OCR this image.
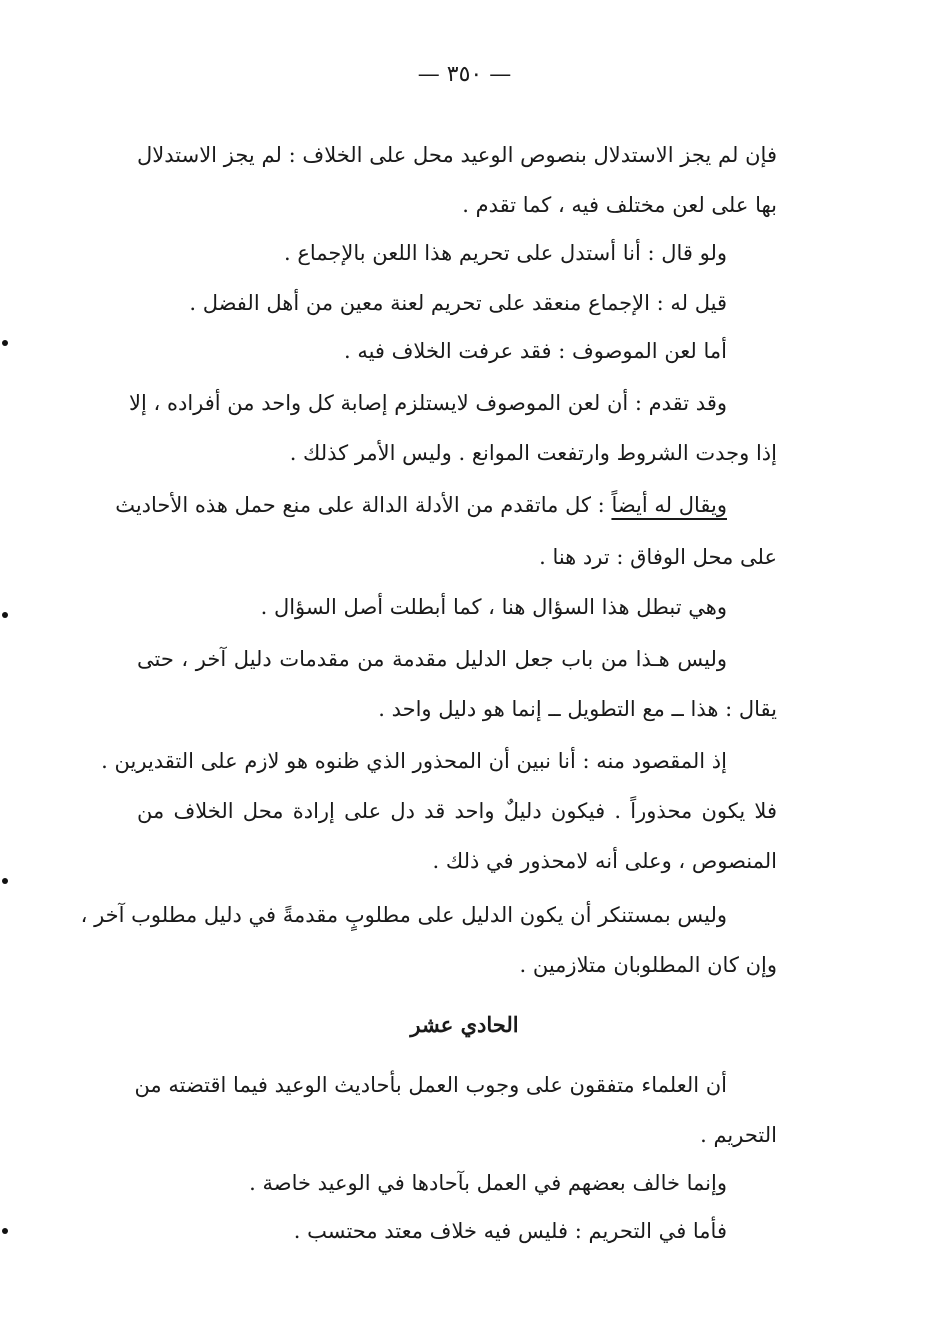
— ٣٥٠ —
فإن لم يجز الاستدلال بنصوص الوعيد محل على الخلاف : لم يجز الاستدلال
بها على لعن مختلف فيه ، كما تقدم .
ولو قال : أنا أستدل على تحريم هذا اللعن بالإجماع .
قيل له : الإجماع منعقد على تحريم لعنة معين من أهل الفضل .
أما لعن الموصوف : فقد عرفت الخلاف فيه .
وقد تقدم : أن لعن الموصوف لايستلزم إصابة كل واحد من أفراده ، إلا
إذا وجدت الشروط وارتفعت الموانع . وليس الأمر كذلك .
ويقال له أيضاً : كل ماتقدم من الأدلة الدالة على منع حمل هذه الأحاديث
على محل الوفاق : ترد هنا .
وهي تبطل هذا السؤال هنا ، كما أبطلت أصل السؤال .
وليس هـذا من باب جعل الدليل مقدمة من مقدمات دليل آخر ، حتى
يقال : هذا ــ مع التطويل ــ إنما هو دليل واحد .
إذ المقصود منه : أنا نبين أن المحذور الذي ظنوه هو لازم على التقديرين .
فلا يكون محذوراً . فيكون دليلٌ واحد قد دل على إرادة محل الخلاف من
المنصوص ، وعلى أنه لامحذور في ذلك .
وليس بمستنكر أن يكون الدليل على مطلوبٍ مقدمةً في دليل مطلوب آخر ،
وإن كان المطلوبان متلازمين .
الحادي عشر
أن العلماء متفقون على وجوب العمل بأحاديث الوعيد فيما اقتضته من
التحريم .
وإنما خالف بعضهم في العمل بآحادها في الوعيد خاصة .
فأما في التحريم : فليس فيه خلاف معتد محتسب .
